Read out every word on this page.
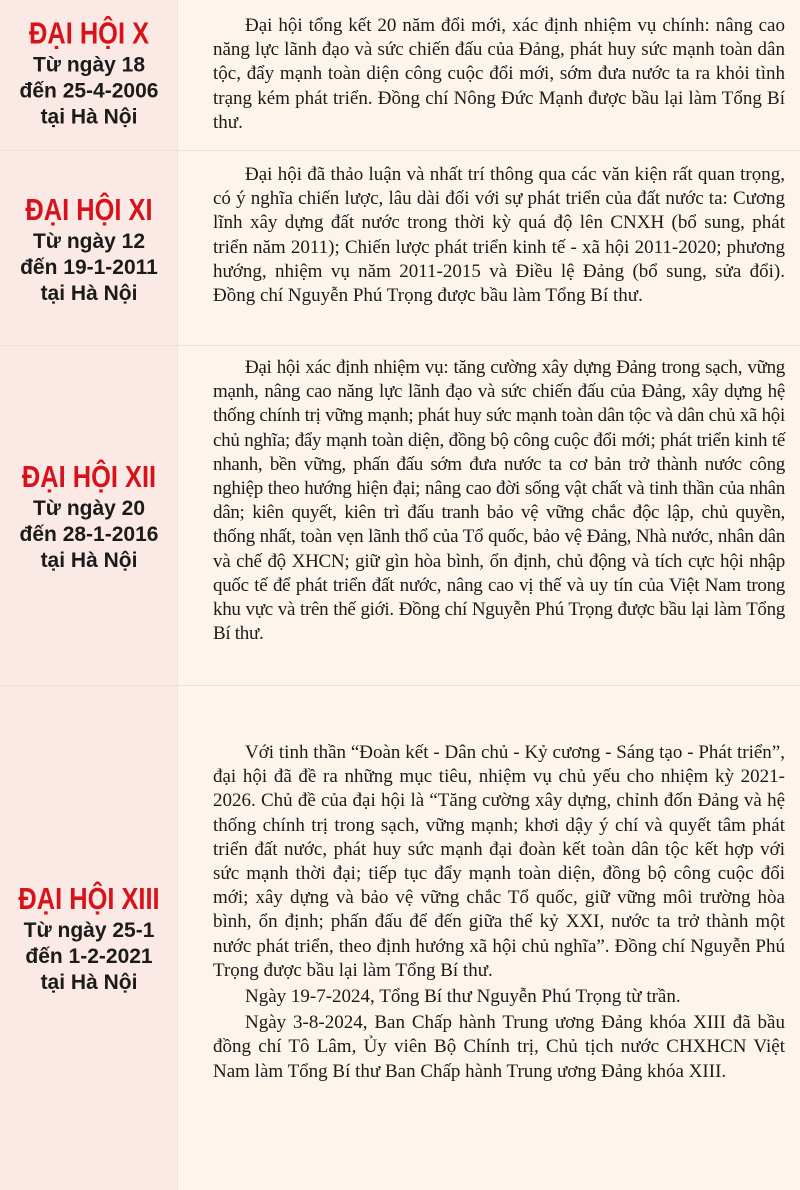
ĐẠI HỘI X
Từ ngày 18
đến 25-4-2006
tại Hà Nội

Đại hội tổng kết 20 năm đổi mới, xác định nhiệm vụ chính: nâng cao năng lực lãnh đạo và sức chiến đấu của Đảng, phát huy sức mạnh toàn dân tộc, đẩy mạnh toàn diện công cuộc đổi mới, sớm đưa nước ta ra khỏi tình trạng kém phát triển. Đồng chí Nông Đức Mạnh được bầu lại làm Tổng Bí thư.

ĐẠI HỘI XI
Từ ngày 12
đến 19-1-2011
tại Hà Nội

Đại hội đã thảo luận và nhất trí thông qua các văn kiện rất quan trọng, có ý nghĩa chiến lược, lâu dài đối với sự phát triển của đất nước ta: Cương lĩnh xây dựng đất nước trong thời kỳ quá độ lên CNXH (bổ sung, phát triển năm 2011); Chiến lược phát triển kinh tế - xã hội 2011-2020; phương hướng, nhiệm vụ năm 2011-2015 và Điều lệ Đảng (bổ sung, sửa đổi). Đồng chí Nguyễn Phú Trọng được bầu làm Tổng Bí thư.

ĐẠI HỘI XII
Từ ngày 20
đến 28-1-2016
tại Hà Nội

Đại hội xác định nhiệm vụ: tăng cường xây dựng Đảng trong sạch, vững mạnh, nâng cao năng lực lãnh đạo và sức chiến đấu của Đảng, xây dựng hệ thống chính trị vững mạnh; phát huy sức mạnh toàn dân tộc và dân chủ xã hội chủ nghĩa; đẩy mạnh toàn diện, đồng bộ công cuộc đổi mới; phát triển kinh tế nhanh, bền vững, phấn đấu sớm đưa nước ta cơ bản trở thành nước công nghiệp theo hướng hiện đại; nâng cao đời sống vật chất và tinh thần của nhân dân; kiên quyết, kiên trì đấu tranh bảo vệ vững chắc độc lập, chủ quyền, thống nhất, toàn vẹn lãnh thổ của Tổ quốc, bảo vệ Đảng, Nhà nước, nhân dân và chế độ XHCN; giữ gìn hòa bình, ổn định, chủ động và tích cực hội nhập quốc tế để phát triển đất nước, nâng cao vị thế và uy tín của Việt Nam trong khu vực và trên thế giới. Đồng chí Nguyễn Phú Trọng được bầu lại làm Tổng Bí thư.

ĐẠI HỘI XIII
Từ ngày 25-1
đến 1-2-2021
tại Hà Nội

Với tinh thần “Đoàn kết - Dân chủ - Kỷ cương - Sáng tạo - Phát triển”, đại hội đã đề ra những mục tiêu, nhiệm vụ chủ yếu cho nhiệm kỳ 2021-2026. Chủ đề của đại hội là “Tăng cường xây dựng, chỉnh đốn Đảng và hệ thống chính trị trong sạch, vững mạnh; khơi dậy ý chí và quyết tâm phát triển đất nước, phát huy sức mạnh đại đoàn kết toàn dân tộc kết hợp với sức mạnh thời đại; tiếp tục đẩy mạnh toàn diện, đồng bộ công cuộc đổi mới; xây dựng và bảo vệ vững chắc Tổ quốc, giữ vững môi trường hòa bình, ổn định; phấn đấu để đến giữa thế kỷ XXI, nước ta trở thành một nước phát triển, theo định hướng xã hội chủ nghĩa”. Đồng chí Nguyễn Phú Trọng được bầu lại làm Tổng Bí thư.

Ngày 19-7-2024, Tổng Bí thư Nguyễn Phú Trọng từ trần.

Ngày 3-8-2024, Ban Chấp hành Trung ương Đảng khóa XIII đã bầu đồng chí Tô Lâm, Ủy viên Bộ Chính trị, Chủ tịch nước CHXHCN Việt Nam làm Tổng Bí thư Ban Chấp hành Trung ương Đảng khóa XIII.
